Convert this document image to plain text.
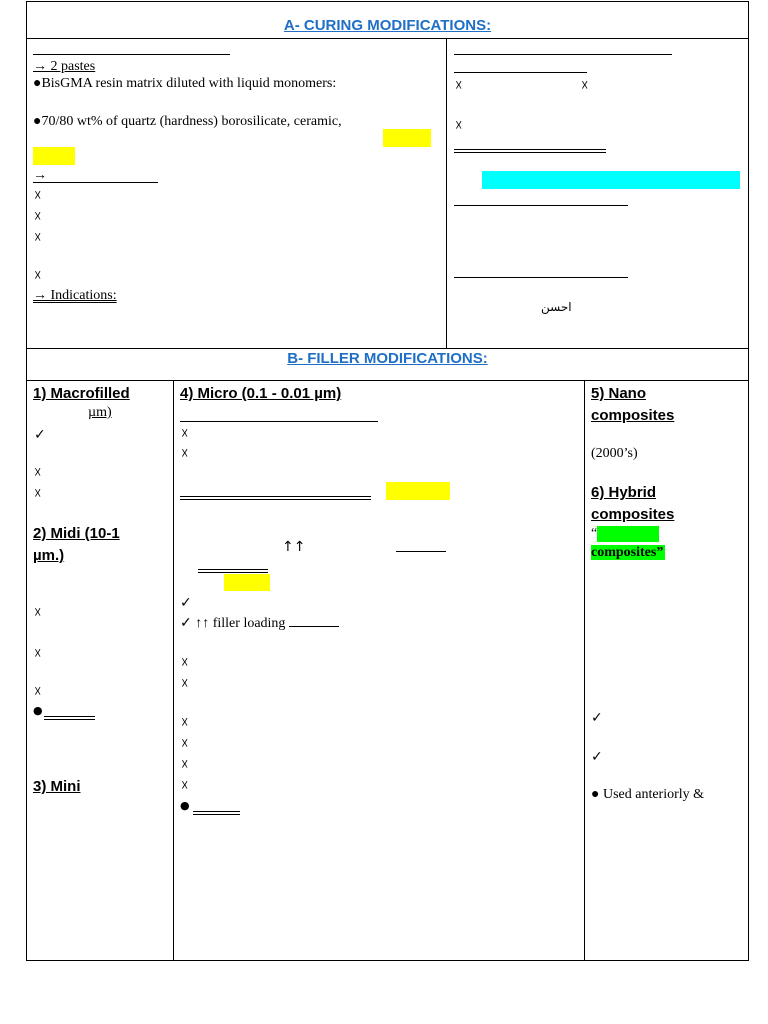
A- CURING MODIFICATIONS:
→ 2 pastes
●BisGMA resin matrix diluted with liquid monomers:
●70/80 wt% of quartz (hardness) borosilicate, ceramic,
→
☓
☓
☓
☓
→ Indications:
☓	☓
☓
احسن
B- FILLER MODIFICATIONS:
1) Macrofilled
µm)
✓
☓
☓
2) Midi (10-1
µm.)
☓
☓
☓
●
3) Mini
4) Micro (0.1 - 0.01 µm)
☓
☓
↑↑
✓
✓ ↑↑ filler loading
☓
☓
☓
☓
☓
☓
●
5) Nano
composites
(2000’s)
6) Hybrid
composites
“
composites”
✓
✓
● Used anteriorly &
